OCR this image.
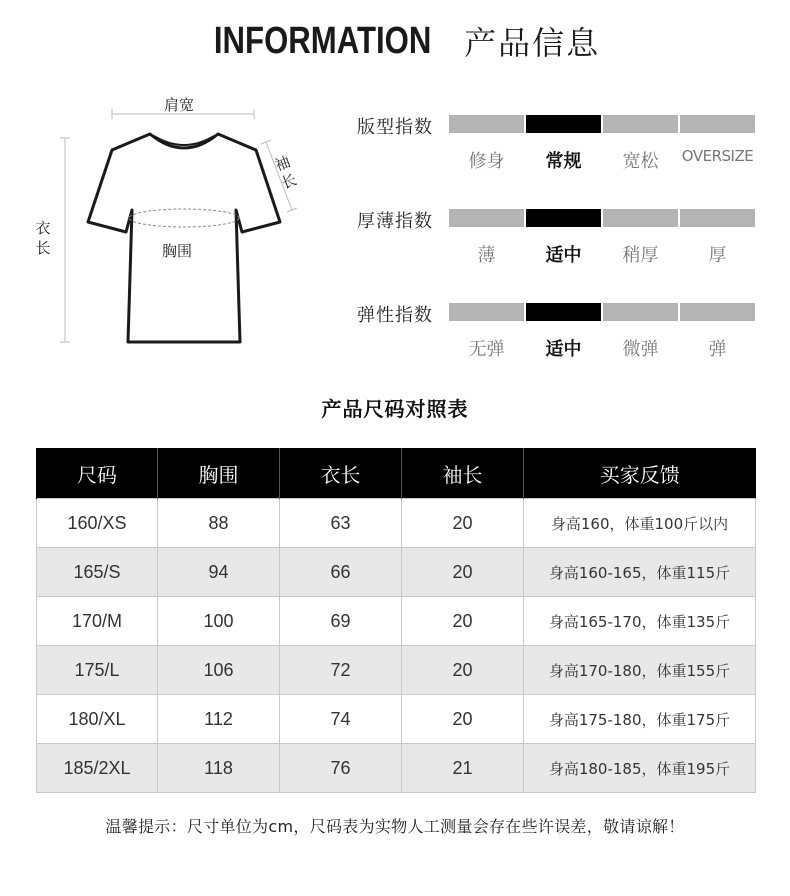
INFORMATION 产品信息
肩宽
胸围
衣长
袖长
版型指数
修身	常规	宽松	OVERSIZE
厚薄指数
薄	适中	稍厚	厚
弹性指数
无弹	适中	微弹	弹
产品尺码对照表
尺码	胸围	衣长	袖长	买家反馈
160/XS	88	63	20	身高160，体重100斤以内
165/S	94	66	20	身高160-165，体重115斤
170/M	100	69	20	身高165-170，体重135斤
175/L	106	72	20	身高170-180，体重155斤
180/XL	112	74	20	身高175-180，体重175斤
185/2XL	118	76	21	身高180-185，体重195斤
温馨提示：尺寸单位为cm，尺码表为实物人工测量会存在些许误差，敬请谅解！
